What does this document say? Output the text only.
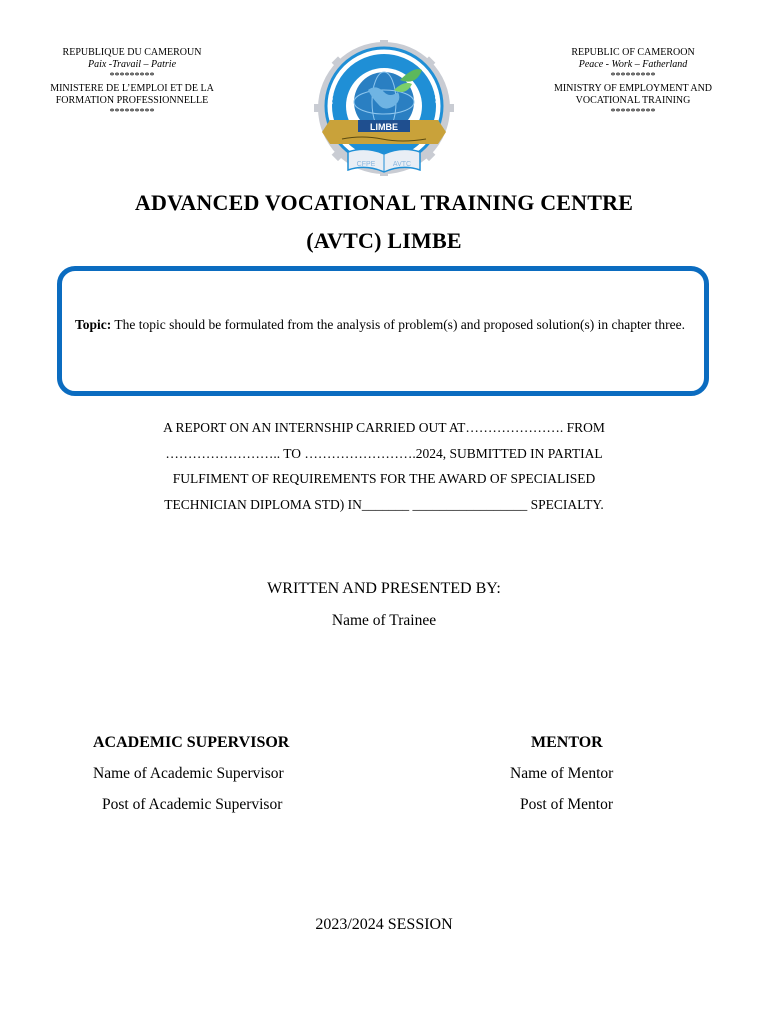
REPUBLIQUE DU CAMEROUN
Paix -Travail – Patrie
*********
MINISTERE DE L’EMPLOI ET DE LA
FORMATION PROFESSIONNELLE
*********
REPUBLIC OF CAMEROON
Peace - Work – Fatherland
*********
MINISTRY OF EMPLOYMENT AND
VOCATIONAL TRAINING
*********
LIMBE
CFPE	AVTC
ADVANCED VOCATIONAL TRAINING CENTRE
(AVTC) LIMBE
Topic: The topic should be formulated from the analysis of problem(s) and proposed solution(s) in chapter three.
A REPORT ON AN INTERNSHIP CARRIED OUT AT…………………. FROM
…………………….. TO …………………….2024, SUBMITTED IN PARTIAL
FULFIMENT OF REQUIREMENTS FOR THE AWARD OF SPECIALISED
TECHNICIAN DIPLOMA STD) IN_______ _________________ SPECIALTY.
WRITTEN AND PRESENTED BY:
Name of Trainee
ACADEMIC SUPERVISOR
Name of Academic Supervisor
Post of Academic Supervisor
MENTOR
Name of Mentor
Post of Mentor
2023/2024 SESSION
